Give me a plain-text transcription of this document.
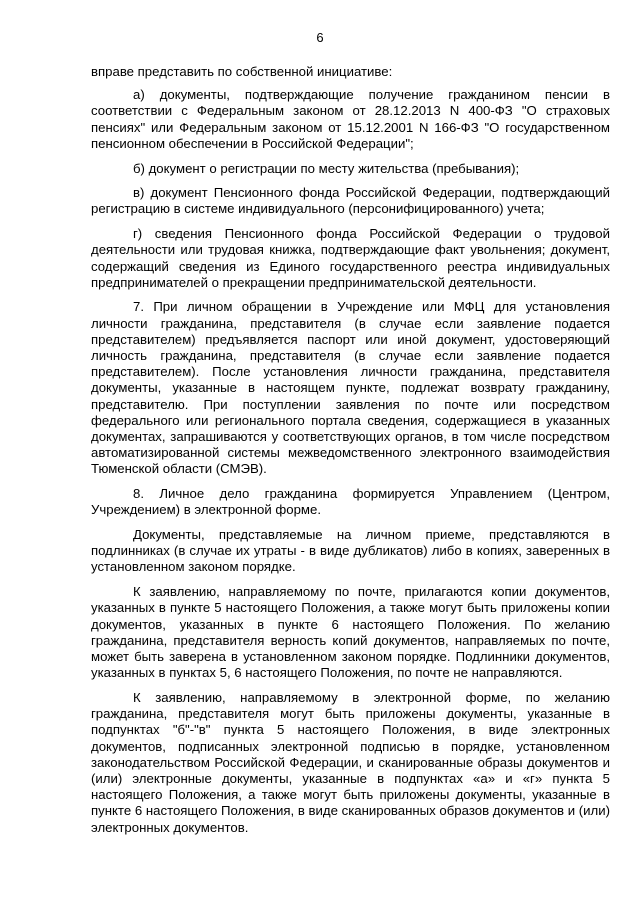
6

вправе представить по собственной инициативе:

а) документы, подтверждающие получение гражданином пенсии в соответствии с Федеральным законом от 28.12.2013 N 400-ФЗ "О страховых пенсиях" или Федеральным законом от 15.12.2001 N 166-ФЗ "О государственном пенсионном обеспечении в Российской Федерации";

б) документ о регистрации по месту жительства (пребывания);

в) документ Пенсионного фонда Российской Федерации, подтверждающий регистрацию в системе индивидуального (персонифицированного) учета;

г) сведения Пенсионного фонда Российской Федерации о трудовой деятельности или трудовая книжка, подтверждающие факт увольнения; документ, содержащий сведения из Единого государственного реестра индивидуальных предпринимателей о прекращении предпринимательской деятельности.

7. При личном обращении в Учреждение или МФЦ для установления личности гражданина, представителя (в случае если заявление подается представителем) предъявляется паспорт или иной документ, удостоверяющий личность гражданина, представителя (в случае если заявление подается представителем). После установления личности гражданина, представителя документы, указанные в настоящем пункте, подлежат возврату гражданину, представителю. При поступлении заявления по почте или посредством федерального или регионального портала сведения, содержащиеся в указанных документах, запрашиваются у соответствующих органов, в том числе посредством автоматизированной системы межведомственного электронного взаимодействия Тюменской области (СМЭВ).

8. Личное дело гражданина формируется Управлением (Центром, Учреждением) в электронной форме.

Документы, представляемые на личном приеме, представляются в подлинниках (в случае их утраты - в виде дубликатов) либо в копиях, заверенных в установленном законом порядке.

К заявлению, направляемому по почте, прилагаются копии документов, указанных в пункте 5 настоящего Положения, а также могут быть приложены копии документов, указанных в пункте 6 настоящего Положения. По желанию гражданина, представителя верность копий документов, направляемых по почте, может быть заверена в установленном законом порядке. Подлинники документов, указанных в пунктах 5, 6 настоящего Положения, по почте не направляются.

К заявлению, направляемому в электронной форме, по желанию гражданина, представителя могут быть приложены документы, указанные в подпунктах "б"-"в" пункта 5 настоящего Положения, в виде электронных документов, подписанных электронной подписью в порядке, установленном законодательством Российской Федерации, и сканированные образы документов и (или) электронные документы, указанные в подпунктах «а» и «г» пункта 5 настоящего Положения, а также могут быть приложены документы, указанные в пункте 6 настоящего Положения, в виде сканированных образов документов и (или) электронных документов.
